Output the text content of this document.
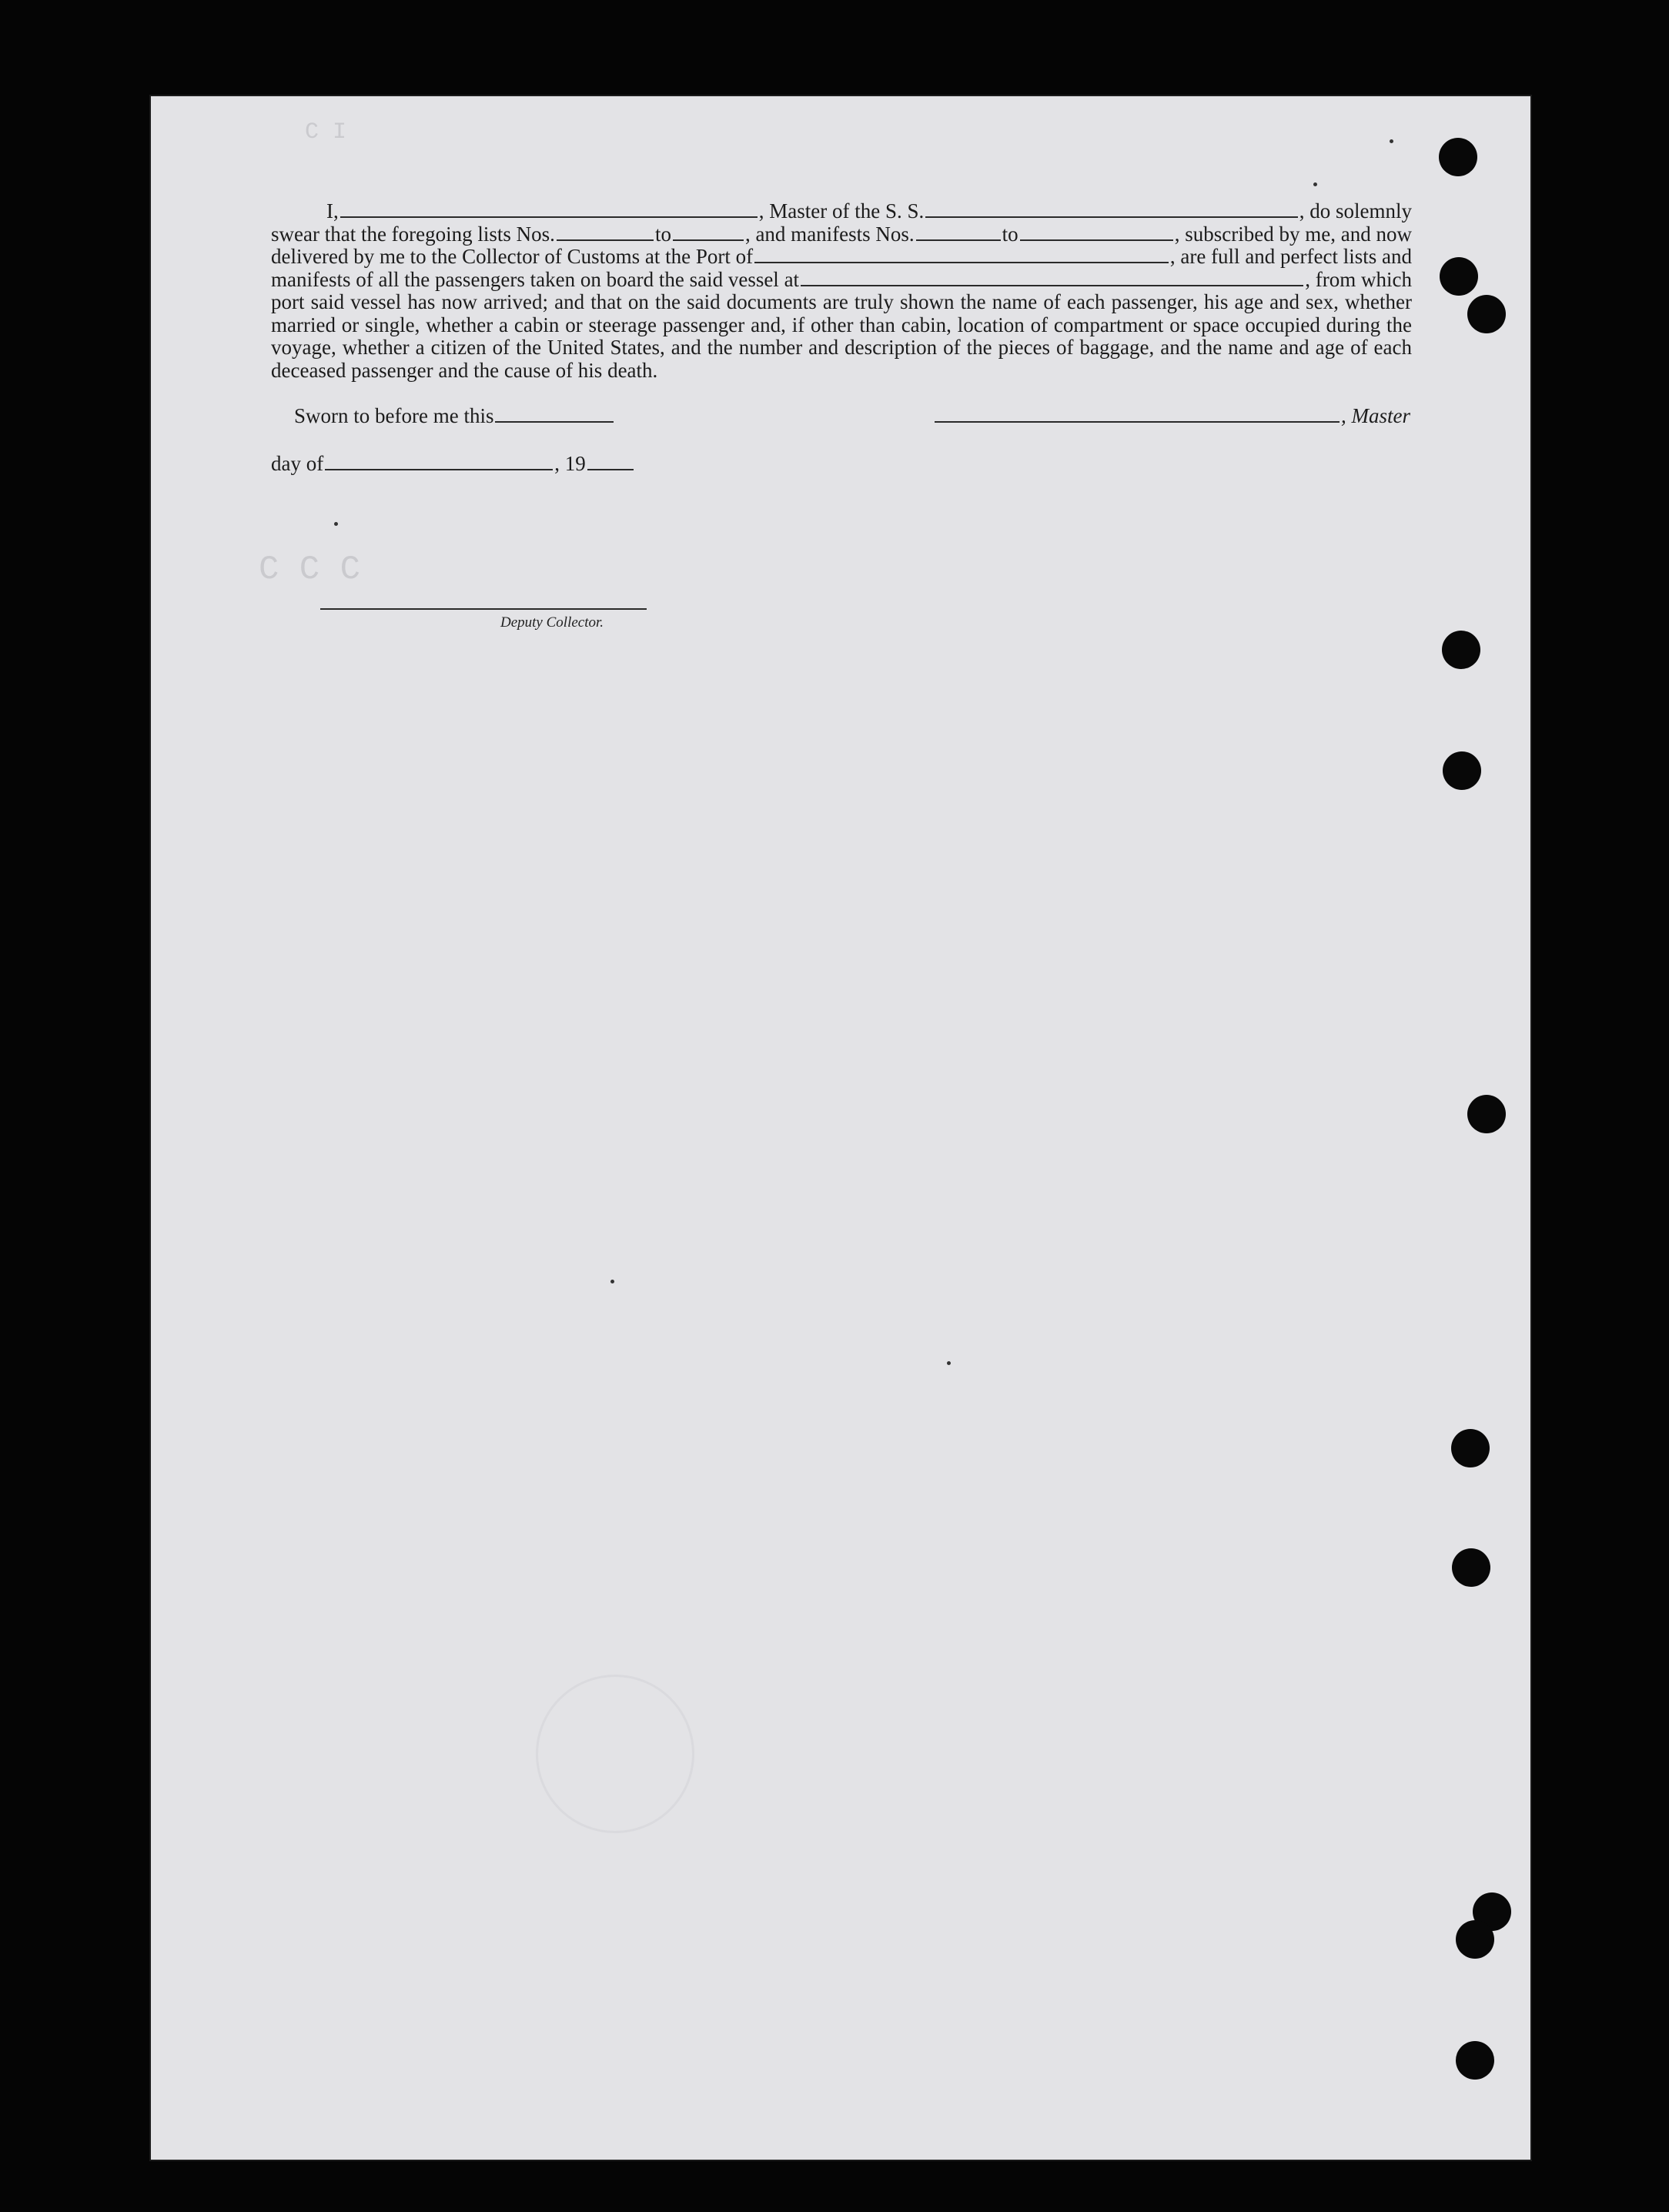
C I
C C C
I,	, Master of the S. S.	, do solemnly
swear that the foregoing lists Nos.	to	, and manifests Nos.	to	, subscribed by me, and now
delivered by me to the Collector of Customs at the Port of	, are full and perfect lists and
manifests of all the passengers taken on board the said vessel at	, from which
port said vessel has now arrived; and that on the said documents are truly shown the name of each passenger, his age and sex, whether married or single, whether a cabin or steerage passenger and, if other than cabin, location of compartment or space occupied during the voyage, whether a citizen of the United States, and the number and description of the pieces of baggage, and the name and age of each deceased passenger and the cause of his death.
Sworn to before me this	, Master
day of	, 19
Deputy Collector.
